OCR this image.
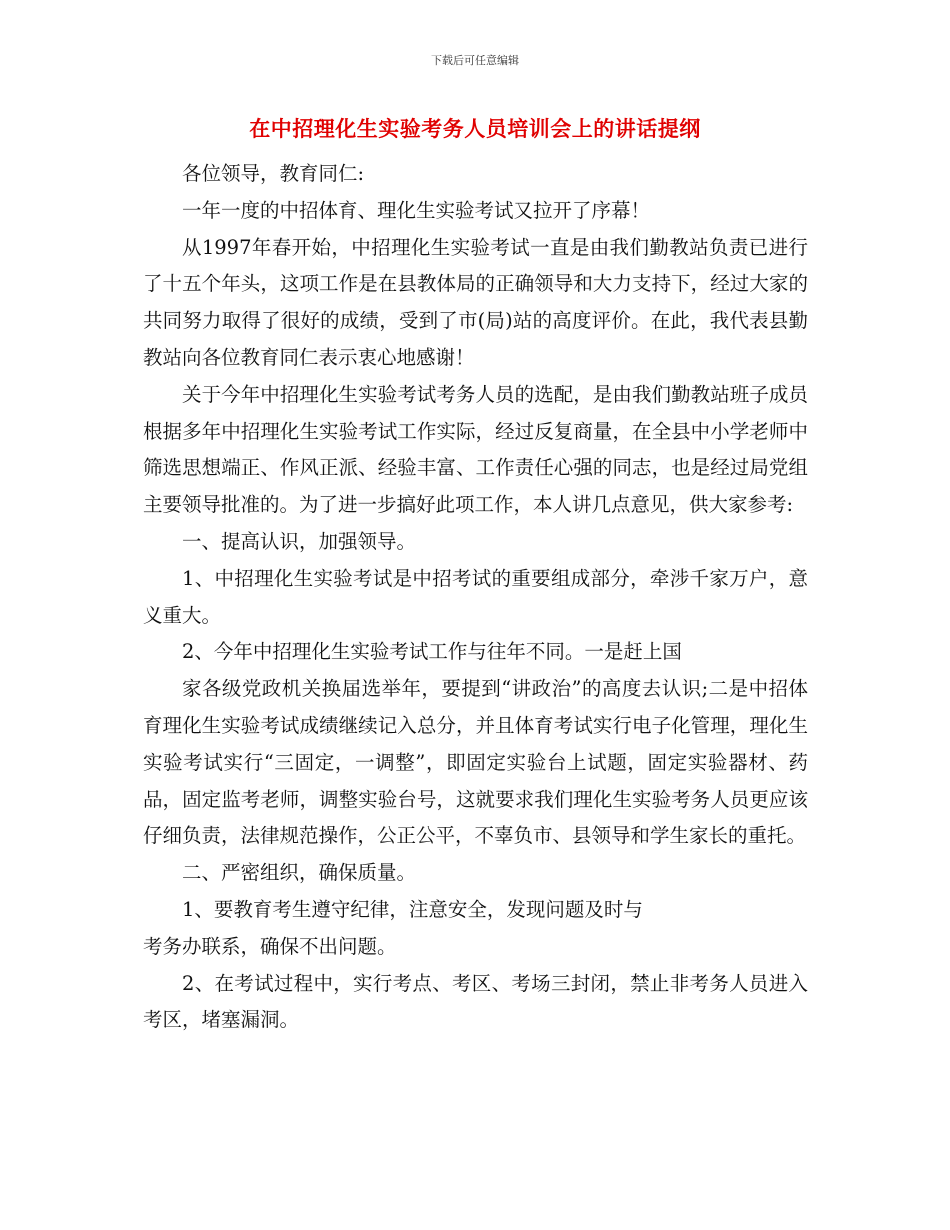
下载后可任意编辑
在中招理化生实验考务人员培训会上的讲话提纲

各位领导，教育同仁:

一年一度的中招体育、理化生实验考试又拉开了序幕！

从1997年春开始，中招理化生实验考试一直是由我们勤教站负责已进行了十五个年头，这项工作是在县教体局的正确领导和大力支持下，经过大家的共同努力取得了很好的成绩，受到了市(局)站的高度评价。在此，我代表县勤教站向各位教育同仁表示衷心地感谢！

关于今年中招理化生实验考试考务人员的选配，是由我们勤教站班子成员根据多年中招理化生实验考试工作实际，经过反复商量，在全县中小学老师中筛选思想端正、作风正派、经验丰富、工作责任心强的同志，也是经过局党组主要领导批准的。为了进一步搞好此项工作，本人讲几点意见，供大家参考:

一、提高认识，加强领导。

1、中招理化生实验考试是中招考试的重要组成部分，牵涉千家万户，意义重大。

2、今年中招理化生实验考试工作与往年不同。一是赶上国

家各级党政机关换届选举年，要提到“讲政治”的高度去认识;二是中招体育理化生实验考试成绩继续记入总分，并且体育考试实行电子化管理，理化生实验考试实行“三固定，一调整”，即固定实验台上试题，固定实验器材、药品，固定监考老师，调整实验台号，这就要求我们理化生实验考务人员更应该仔细负责，法律规范操作，公正公平，不辜负市、县领导和学生家长的重托。

二、严密组织，确保质量。

1、要教育考生遵守纪律，注意安全，发现问题及时与

考务办联系，确保不出问题。

2、在考试过程中，实行考点、考区、考场三封闭，禁止非考务人员进入考区，堵塞漏洞。
